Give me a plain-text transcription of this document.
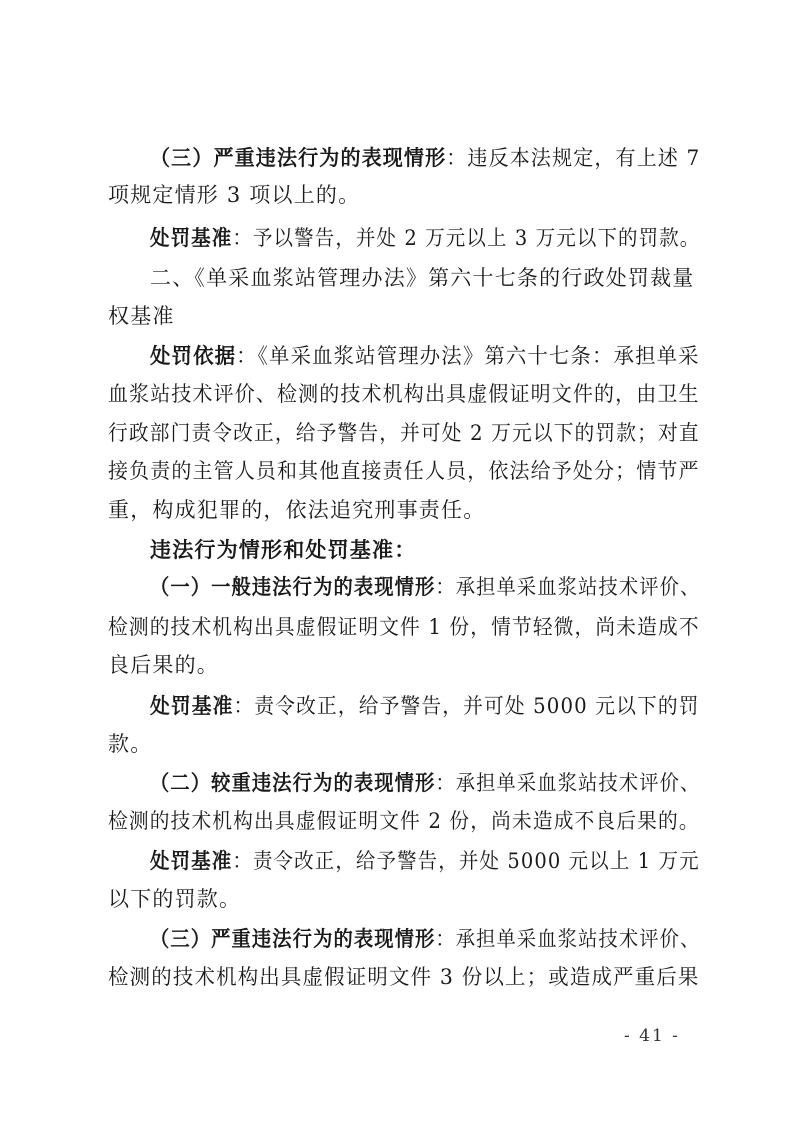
（三）严重违法行为的表现情形：违反本法规定，有上述 7
项规定情形 3 项以上的。
处罚基准：予以警告，并处 2 万元以上 3 万元以下的罚款。
二、《单采血浆站管理办法》第六十七条的行政处罚裁量
权基准
处罚依据：《单采血浆站管理办法》第六十七条：承担单采
血浆站技术评价、检测的技术机构出具虚假证明文件的，由卫生
行政部门责令改正，给予警告，并可处 2 万元以下的罚款；对直
接负责的主管人员和其他直接责任人员，依法给予处分；情节严
重，构成犯罪的，依法追究刑事责任。
违法行为情形和处罚基准：
（一）一般违法行为的表现情形：承担单采血浆站技术评价、
检测的技术机构出具虚假证明文件 1 份，情节轻微，尚未造成不
良后果的。
处罚基准：责令改正，给予警告，并可处 5000 元以下的罚
款。
（二）较重违法行为的表现情形：承担单采血浆站技术评价、
检测的技术机构出具虚假证明文件 2 份，尚未造成不良后果的。
处罚基准：责令改正，给予警告，并处 5000 元以上 1 万元
以下的罚款。
（三）严重违法行为的表现情形：承担单采血浆站技术评价、
检测的技术机构出具虚假证明文件 3 份以上；或造成严重后果
- 41 -
